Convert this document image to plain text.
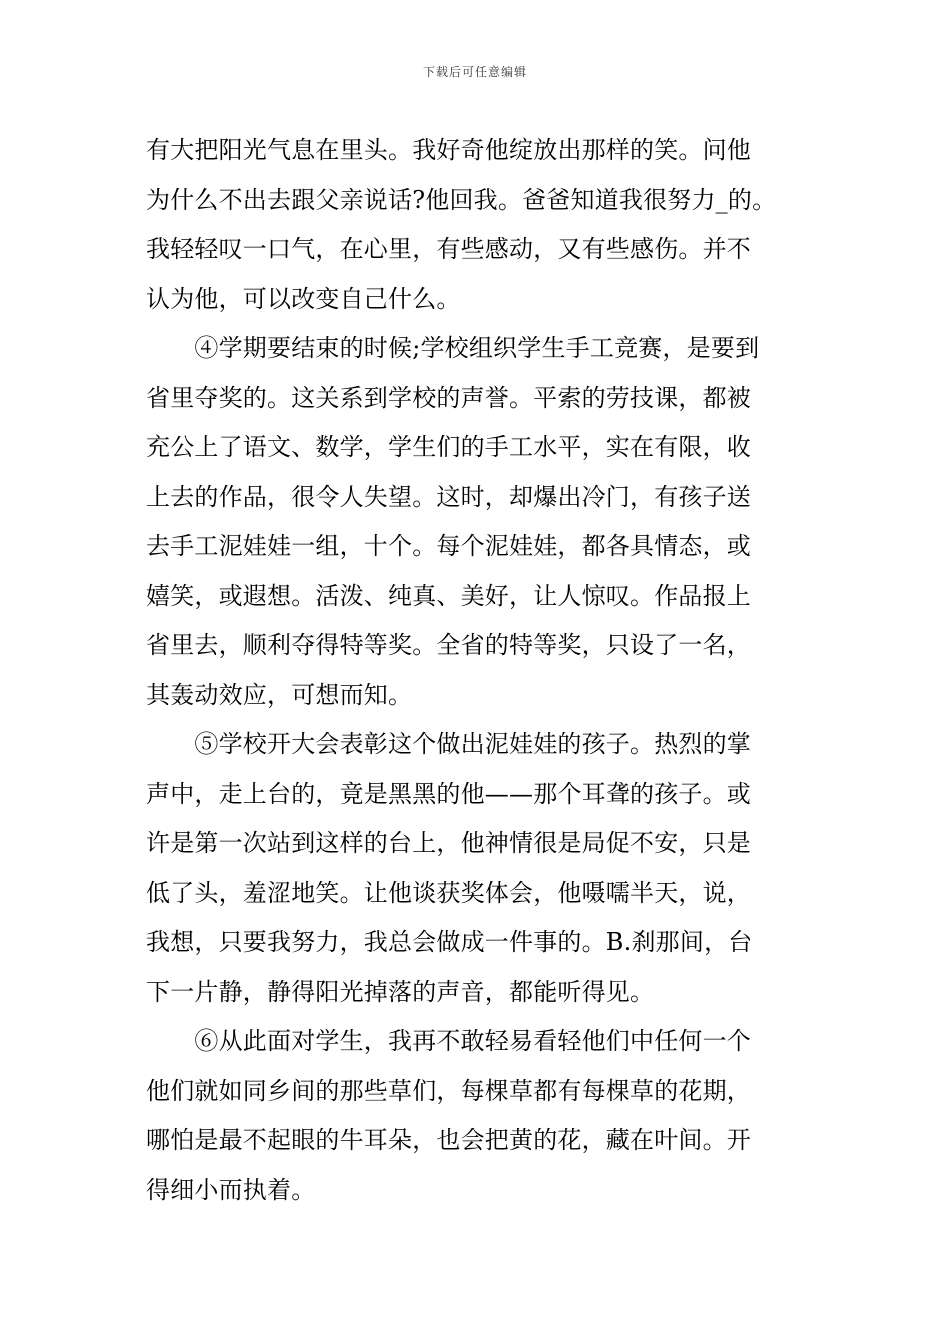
下载后可任意编辑
有大把阳光气息在里头。我好奇他绽放出那样的笑。问他
为什么不出去跟父亲说话?他回我。爸爸知道我很努力_的。
我轻轻叹一口气，在心里，有些感动，又有些感伤。并不
认为他，可以改变自己什么。
　　④学期要结束的时候;学校组织学生手工竞赛，是要到
省里夺奖的。这关系到学校的声誉。平索的劳技课，都被
充公上了语文、数学，学生们的手工水平，实在有限，收
上去的作品，很令人失望。这时，却爆出冷门，有孩子送
去手工泥娃娃一组，十个。每个泥娃娃，都各具情态，或
嬉笑，或遐想。活泼、纯真、美好，让人惊叹。作品报上
省里去，顺利夺得特等奖。全省的特等奖，只设了一名，
其轰动效应，可想而知。
　　⑤学校开大会表彰这个做出泥娃娃的孩子。热烈的掌
声中，走上台的，竟是黑黑的他——那个耳聋的孩子。或
许是第一次站到这样的台上，他神情很是局促不安，只是
低了头，羞涩地笑。让他谈获奖体会，他嗫嚅半天，说，
我想，只要我努力，我总会做成一件事的。B.刹那间，台
下一片静，静得阳光掉落的声音，都能听得见。
　　⑥从此面对学生，我再不敢轻易看轻他们中任何一个
他们就如同乡间的那些草们，每棵草都有每棵草的花期，
哪怕是最不起眼的牛耳朵，也会把黄的花，藏在叶间。开
得细小而执着。
